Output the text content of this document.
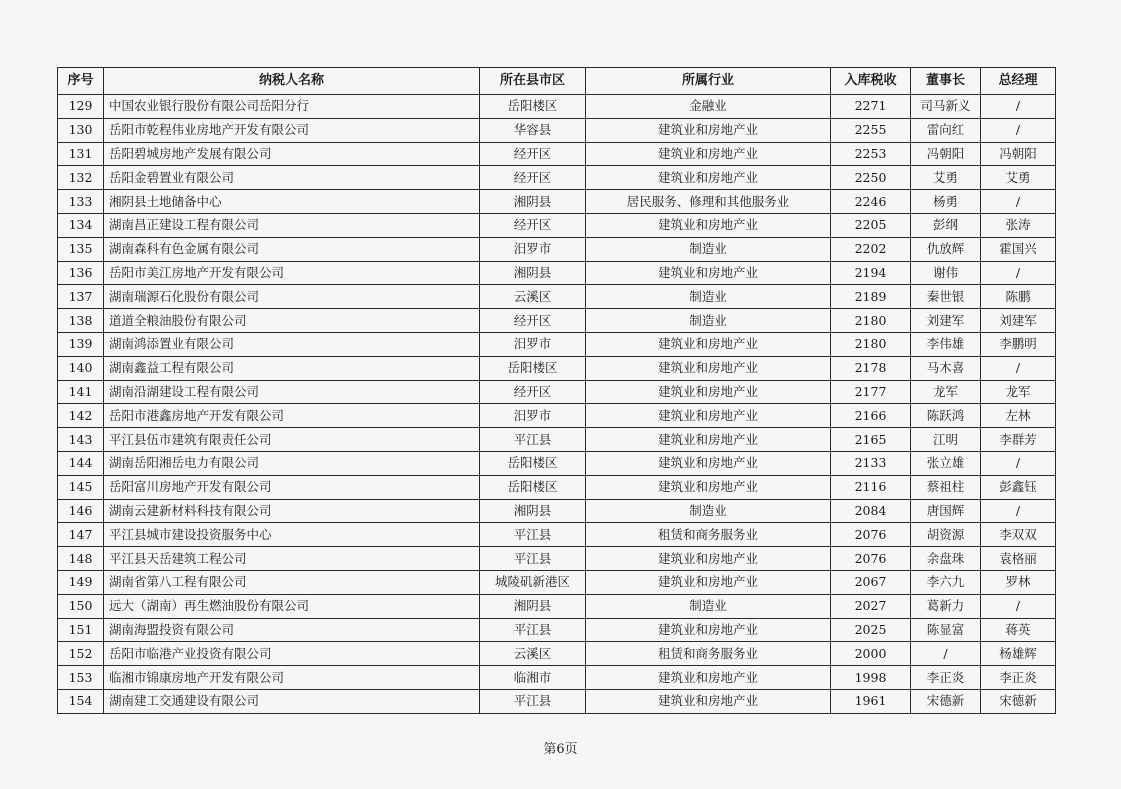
序号	纳税人名称	所在县市区	所属行业	入库税收	董事长	总经理
129	中国农业银行股份有限公司岳阳分行	岳阳楼区	金融业	2271	司马新义	/
130	岳阳市乾程伟业房地产开发有限公司	华容县	建筑业和房地产业	2255	雷向红	/
131	岳阳碧城房地产发展有限公司	经开区	建筑业和房地产业	2253	冯朝阳	冯朝阳
132	岳阳金碧置业有限公司	经开区	建筑业和房地产业	2250	艾勇	艾勇
133	湘阴县土地储备中心	湘阴县	居民服务、修理和其他服务业	2246	杨勇	/
134	湖南昌正建设工程有限公司	经开区	建筑业和房地产业	2205	彭纲	张涛
135	湖南森科有色金属有限公司	汨罗市	制造业	2202	仇放辉	霍国兴
136	岳阳市美江房地产开发有限公司	湘阴县	建筑业和房地产业	2194	谢伟	/
137	湖南瑞源石化股份有限公司	云溪区	制造业	2189	秦世银	陈鹏
138	道道全粮油股份有限公司	经开区	制造业	2180	刘建军	刘建军
139	湖南鸿添置业有限公司	汨罗市	建筑业和房地产业	2180	李伟雄	李鹏明
140	湖南鑫益工程有限公司	岳阳楼区	建筑业和房地产业	2178	马木喜	/
141	湖南沿湖建设工程有限公司	经开区	建筑业和房地产业	2177	龙军	龙军
142	岳阳市港鑫房地产开发有限公司	汨罗市	建筑业和房地产业	2166	陈跃鸿	左林
143	平江县伍市建筑有限责任公司	平江县	建筑业和房地产业	2165	江明	李群芳
144	湖南岳阳湘岳电力有限公司	岳阳楼区	建筑业和房地产业	2133	张立雄	/
145	岳阳富川房地产开发有限公司	岳阳楼区	建筑业和房地产业	2116	蔡祖柱	彭鑫钰
146	湖南云建新材料科技有限公司	湘阴县	制造业	2084	唐国辉	/
147	平江县城市建设投资服务中心	平江县	租赁和商务服务业	2076	胡资源	李双双
148	平江县天岳建筑工程公司	平江县	建筑业和房地产业	2076	余盘珠	袁格丽
149	湖南省第八工程有限公司	城陵矶新港区	建筑业和房地产业	2067	李六九	罗林
150	远大（湖南）再生燃油股份有限公司	湘阴县	制造业	2027	葛新力	/
151	湖南海盟投资有限公司	平江县	建筑业和房地产业	2025	陈显富	蒋英
152	岳阳市临港产业投资有限公司	云溪区	租赁和商务服务业	2000	/	杨雄辉
153	临湘市锦康房地产开发有限公司	临湘市	建筑业和房地产业	1998	李正炎	李正炎
154	湖南建工交通建设有限公司	平江县	建筑业和房地产业	1961	宋德新	宋德新
第6页
